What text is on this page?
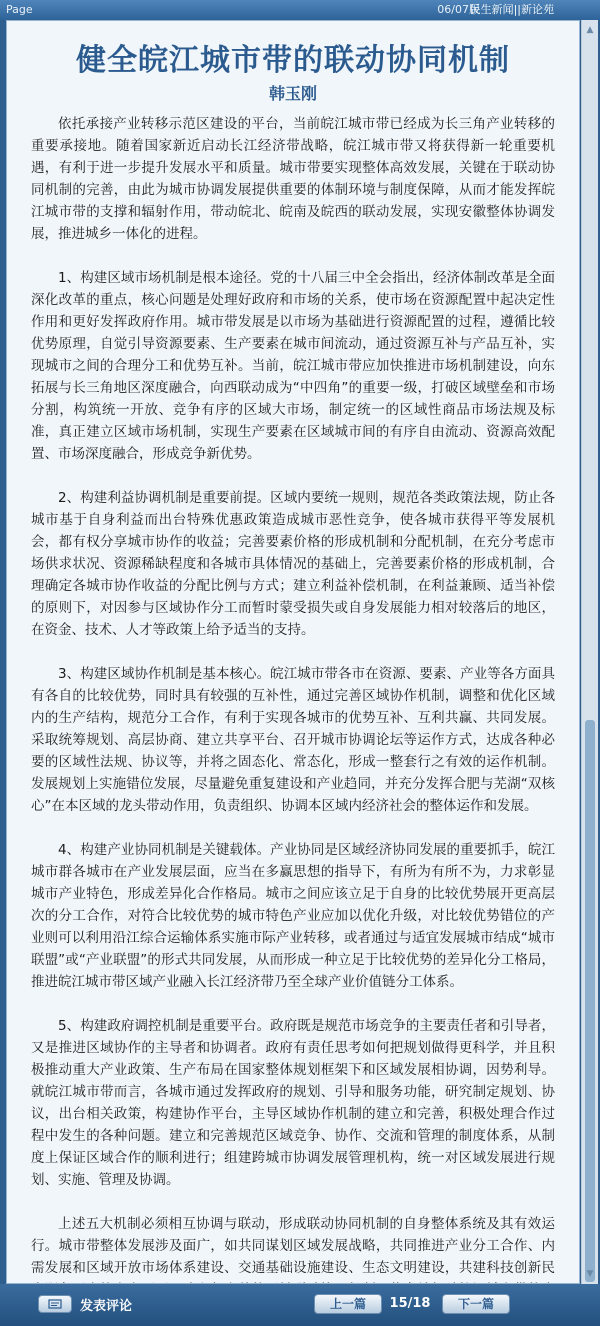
Page	06/07版
民生新闻||新论苑
健全皖江城市带的联动协同机制
韩玉刚

依托承接产业转移示范区建设的平台，当前皖江城市带已经成为长三角产业转移的重要承接地。随着国家新近启动长江经济带战略，皖江城市带又将获得新一轮重要机遇，有利于进一步提升发展水平和质量。城市带要实现整体高效发展，关键在于联动协同机制的完善，由此为城市协调发展提供重要的体制环境与制度保障，从而才能发挥皖江城市带的支撑和辐射作用，带动皖北、皖南及皖西的联动发展，实现安徽整体协调发展，推进城乡一体化的进程。

1、构建区域市场机制是根本途径。党的十八届三中全会指出，经济体制改革是全面深化改革的重点，核心问题是处理好政府和市场的关系，使市场在资源配置中起决定性作用和更好发挥政府作用。城市带发展是以市场为基础进行资源配置的过程，遵循比较优势原理，自觉引导资源要素、生产要素在城市间流动，通过资源互补与产品互补，实现城市之间的合理分工和优势互补。当前，皖江城市带应加快推进市场机制建设，向东拓展与长三角地区深度融合，向西联动成为“中四角”的重要一级，打破区域壁垒和市场分割，构筑统一开放、竞争有序的区域大市场，制定统一的区域性商品市场法规及标准，真正建立区域市场机制，实现生产要素在区域城市间的有序自由流动、资源高效配置、市场深度融合，形成竞争新优势。

2、构建利益协调机制是重要前提。区域内要统一规则，规范各类政策法规，防止各城市基于自身利益而出台特殊优惠政策造成城市恶性竞争，使各城市获得平等发展机会，都有权分享城市协作的收益；完善要素价格的形成机制和分配机制，在充分考虑市场供求状况、资源稀缺程度和各城市具体情况的基础上，完善要素价格的形成机制，合理确定各城市协作收益的分配比例与方式；建立利益补偿机制，在利益兼顾、适当补偿的原则下，对因参与区域协作分工而暂时蒙受损失或自身发展能力相对较落后的地区，在资金、技术、人才等政策上给予适当的支持。

3、构建区域协作机制是基本核心。皖江城市带各市在资源、要素、产业等各方面具有各自的比较优势，同时具有较强的互补性，通过完善区域协作机制，调整和优化区域内的生产结构，规范分工合作，有利于实现各城市的优势互补、互利共赢、共同发展。采取统筹规划、高层协商、建立共享平台、召开城市协调论坛等运作方式，达成各种必要的区域性法规、协议等，并将之固态化、常态化，形成一整套行之有效的运作机制。发展规划上实施错位发展，尽量避免重复建设和产业趋同，并充分发挥合肥与芜湖“双核心”在本区域的龙头带动作用，负责组织、协调本区域内经济社会的整体运作和发展。

4、构建产业协同机制是关键载体。产业协同是区域经济协同发展的重要抓手，皖江城市群各城市在产业发展层面，应当在多赢思想的指导下，有所为有所不为，力求彰显城市产业特色，形成差异化合作格局。城市之间应该立足于自身的比较优势展开更高层次的分工合作，对符合比较优势的城市特色产业应加以优化升级，对比较优势错位的产业则可以利用沿江综合运输体系实施市际产业转移，或者通过与适宜发展城市结成“城市联盟”或“产业联盟”的形式共同发展，从而形成一种立足于比较优势的差异化分工格局，推进皖江城市带区域产业融入长江经济带乃至全球产业价值链分工体系。

5、构建政府调控机制是重要平台。政府既是规范市场竞争的主要责任者和引导者，又是推进区域协作的主导者和协调者。政府有责任思考如何把规划做得更科学，并且积极推动重大产业政策、生产布局在国家整体规划框架下和区域发展相协调，因势利导。就皖江城市带而言，各城市通过发挥政府的规划、引导和服务功能，研究制定规划、协议，出台相关政策，构建协作平台，主导区域协作机制的建立和完善，积极处理合作过程中发生的各种问题。建立和完善规范区域竞争、协作、交流和管理的制度体系，从制度上保证区域合作的顺利进行；组建跨城市协调发展管理机构，统一对区域发展进行规划、实施、管理及协调。

上述五大机制必须相互协调与联动，形成联动协同机制的自身整体系统及其有效运行。城市带整体发展涉及面广，如共同谋划区域发展战略，共同推进产业分工合作、内需发展和区域开放市场体系建设、交通基础设施建设、生态文明建设，共建科技创新民

▲
▼
发表评论	上一篇	15/18	下一篇
